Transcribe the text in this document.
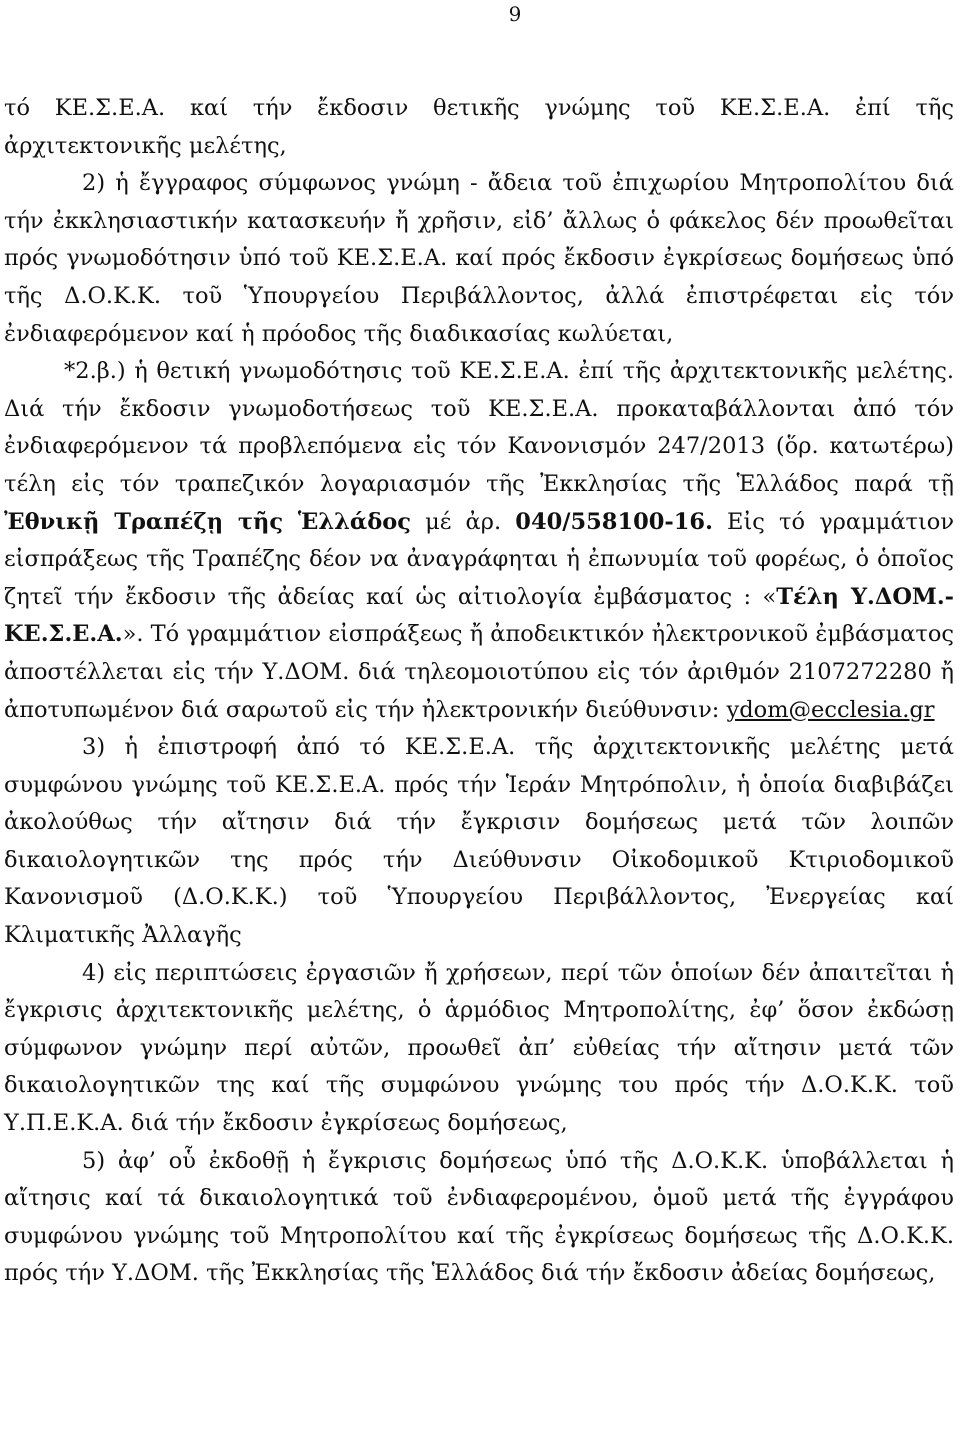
9

τό ΚΕ.Σ.Ε.Α. καί τήν ἔκδοσιν θετικῆς γνώμης τοῦ ΚΕ.Σ.Ε.Α. ἐπί τῆς ἀρχιτεκτονικῆς μελέτης,

2) ἡ ἔγγραφος σύμφωνος γνώμη - ἄδεια τοῦ ἐπιχωρίου Μητροπολίτου διά τήν ἐκκλησιαστικήν κατασκευήν ἤ χρῆσιν, εἰδ’ ἄλλως ὁ φάκελος δέν προωθεῖται πρός γνωμοδότησιν ὑπό τοῦ ΚΕ.Σ.Ε.Α. καί πρός ἔκδοσιν ἐγκρίσεως δομήσεως ὑπό τῆς Δ.Ο.Κ.Κ. τοῦ Ὑπουργείου Περιβάλλοντος, ἀλλά ἐπιστρέφεται εἰς τόν ἐνδιαφερόμενον καί ἡ πρόοδος τῆς διαδικασίας κωλύεται,

*2.β.) ἡ θετική γνωμοδότησις τοῦ ΚΕ.Σ.Ε.Α. ἐπί τῆς ἀρχιτεκτονικῆς μελέτης. Διά τήν ἔκδοσιν γνωμοδοτήσεως τοῦ ΚΕ.Σ.Ε.Α. προκαταβάλλονται ἀπό τόν ἐνδιαφερόμενον τά προβλεπόμενα εἰς τόν Κανονισμόν 247/2013 (ὅρ. κατωτέρω) τέλη εἰς τόν τραπεζικόν λογαριασμόν τῆς Ἐκκλησίας τῆς Ἑλλάδος παρά τῇ Ἐθνικῇ Τραπέζῃ τῆς Ἑλλάδος μέ ἀρ. 040/558100-16. Εἰς τό γραμμάτιον εἰσπράξεως τῆς Τραπέζης δέον να ἀναγράφηται ἡ ἐπωνυμία τοῦ φορέως, ὁ ὁποῖος ζητεῖ τήν ἔκδοσιν τῆς ἀδείας καί ὡς αἰτιολογία ἐμβάσματος : «Τέλη Υ.ΔΟΜ.-ΚΕ.Σ.Ε.Α.». Τό γραμμάτιον εἰσπράξεως ἤ ἀποδεικτικόν ἠλεκτρονικοῦ ἐμβάσματος ἀποστέλλεται εἰς τήν Υ.ΔΟΜ. διά τηλεομοιοτύπου εἰς τόν ἀριθμόν 2107272280 ἤ ἀποτυπωμένον διά σαρωτοῦ εἰς τήν ἠλεκτρονικήν διεύθυνσιν: ydom@ecclesia.gr

3) ἡ ἐπιστροφή ἀπό τό ΚΕ.Σ.Ε.Α. τῆς ἀρχιτεκτονικῆς μελέτης μετά συμφώνου γνώμης τοῦ ΚΕ.Σ.Ε.Α. πρός τήν Ἱεράν Μητρόπολιν, ἡ ὁποία διαβιβάζει ἀκολούθως τήν αἴτησιν διά τήν ἔγκρισιν δομήσεως μετά τῶν λοιπῶν δικαιολογητικῶν της πρός τήν Διεύθυνσιν Οἰκοδομικοῦ Κτιριοδομικοῦ Κανονισμοῦ (Δ.Ο.Κ.Κ.) τοῦ Ὑπουργείου Περιβάλλοντος, Ἐνεργείας καί Κλιματικῆς Ἀλλαγῆς

4) εἰς περιπτώσεις ἐργασιῶν ἤ χρήσεων, περί τῶν ὁποίων δέν ἀπαιτεῖται ἡ ἔγκρισις ἀρχιτεκτονικῆς μελέτης, ὁ ἁρμόδιος Μητροπολίτης, ἐφ’ ὅσον ἐκδώσῃ σύμφωνον γνώμην περί αὐτῶν, προωθεῖ ἀπ’ εὐθείας τήν αἴτησιν μετά τῶν δικαιολογητικῶν της καί τῆς συμφώνου γνώμης του πρός τήν Δ.Ο.Κ.Κ. τοῦ Υ.Π.Ε.Κ.Α. διά τήν ἔκδοσιν ἐγκρίσεως δομήσεως,

5) ἀφ’ οὗ ἐκδοθῇ ἡ ἔγκρισις δομήσεως ὑπό τῆς Δ.Ο.Κ.Κ. ὑποβάλλεται ἡ αἴτησις καί τά δικαιολογητικά τοῦ ἐνδιαφερομένου, ὁμοῦ μετά τῆς ἐγγράφου συμφώνου γνώμης τοῦ Μητροπολίτου καί τῆς ἐγκρίσεως δομήσεως τῆς Δ.Ο.Κ.Κ. πρός τήν Υ.ΔΟΜ. τῆς Ἐκκλησίας τῆς Ἑλλάδος διά τήν ἔκδοσιν ἀδείας δομήσεως,
